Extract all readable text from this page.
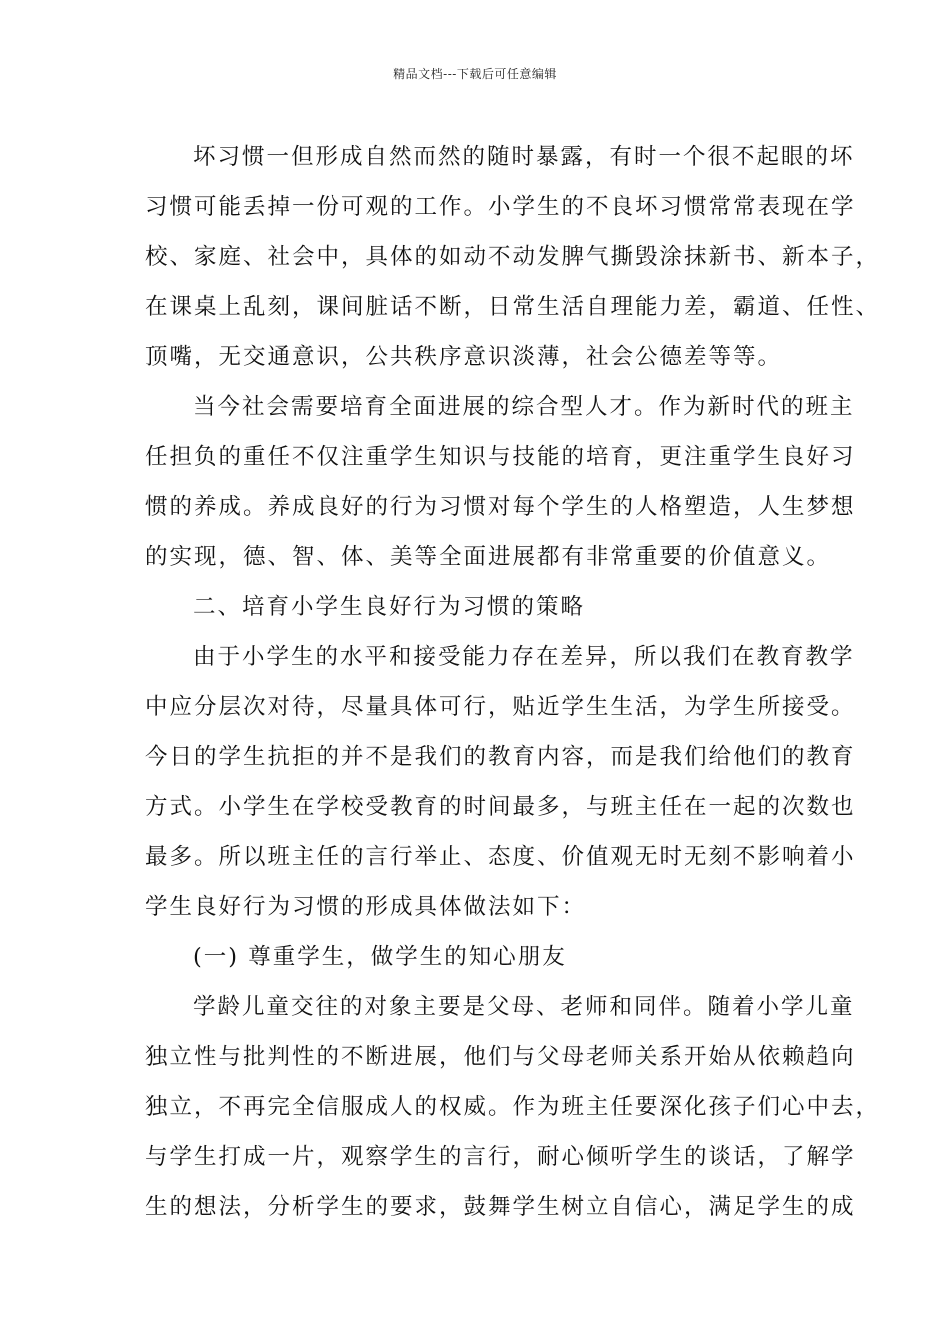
精品文档---下载后可任意编辑

坏习惯一但形成自然而然的随时暴露，有时一个很不起眼的坏
习惯可能丢掉一份可观的工作。小学生的不良坏习惯常常表现在学
校、家庭、社会中，具体的如动不动发脾气撕毁涂抹新书、新本子，
在课桌上乱刻，课间脏话不断，日常生活自理能力差，霸道、任性、
顶嘴，无交通意识，公共秩序意识淡薄，社会公德差等等。

当今社会需要培育全面进展的综合型人才。作为新时代的班主
任担负的重任不仅注重学生知识与技能的培育，更注重学生良好习
惯的养成。养成良好的行为习惯对每个学生的人格塑造，人生梦想
的实现，德、智、体、美等全面进展都有非常重要的价值意义。

二、培育小学生良好行为习惯的策略

由于小学生的水平和接受能力存在差异，所以我们在教育教学
中应分层次对待，尽量具体可行，贴近学生生活，为学生所接受。
今日的学生抗拒的并不是我们的教育内容，而是我们给他们的教育
方式。小学生在学校受教育的时间最多，与班主任在一起的次数也
最多。所以班主任的言行举止、态度、价值观无时无刻不影响着小
学生良好行为习惯的形成具体做法如下：

(一) 尊重学生，做学生的知心朋友

学龄儿童交往的对象主要是父母、老师和同伴。随着小学儿童
独立性与批判性的不断进展，他们与父母老师关系开始从依赖趋向
独立，不再完全信服成人的权威。作为班主任要深化孩子们心中去，
与学生打成一片，观察学生的言行，耐心倾听学生的谈话，了解学
生的想法，分析学生的要求，鼓舞学生树立自信心，满足学生的成
